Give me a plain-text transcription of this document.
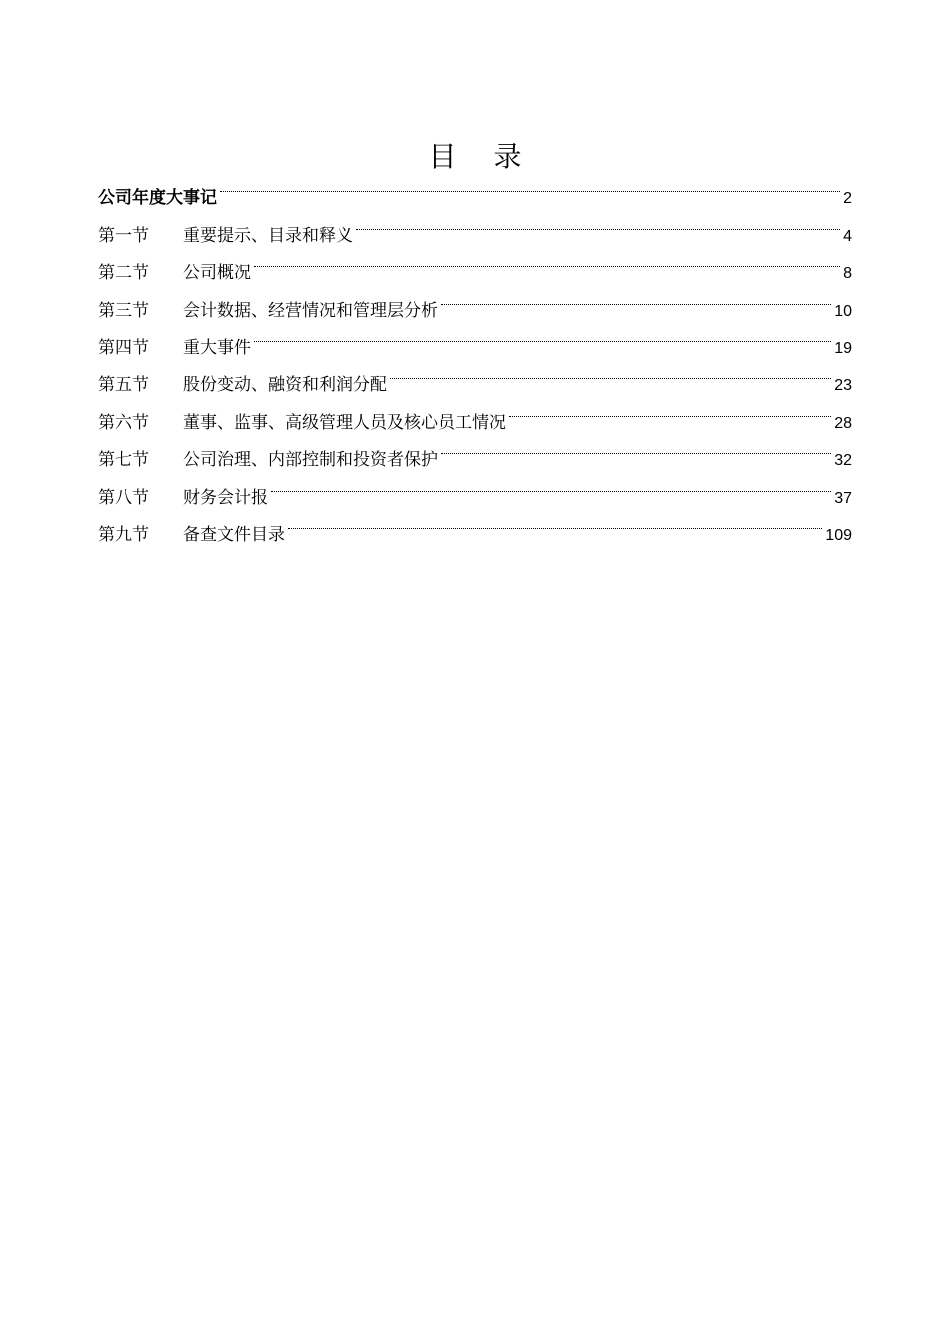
目 录
公司年度大事记	2
第一节	重要提示、目录和释义	4
第二节	公司概况	8
第三节	会计数据、经营情况和管理层分析	10
第四节	重大事件	19
第五节	股份变动、融资和利润分配	23
第六节	董事、监事、高级管理人员及核心员工情况	28
第七节	公司治理、内部控制和投资者保护	32
第八节	财务会计报	37
第九节	备查文件目录	109
